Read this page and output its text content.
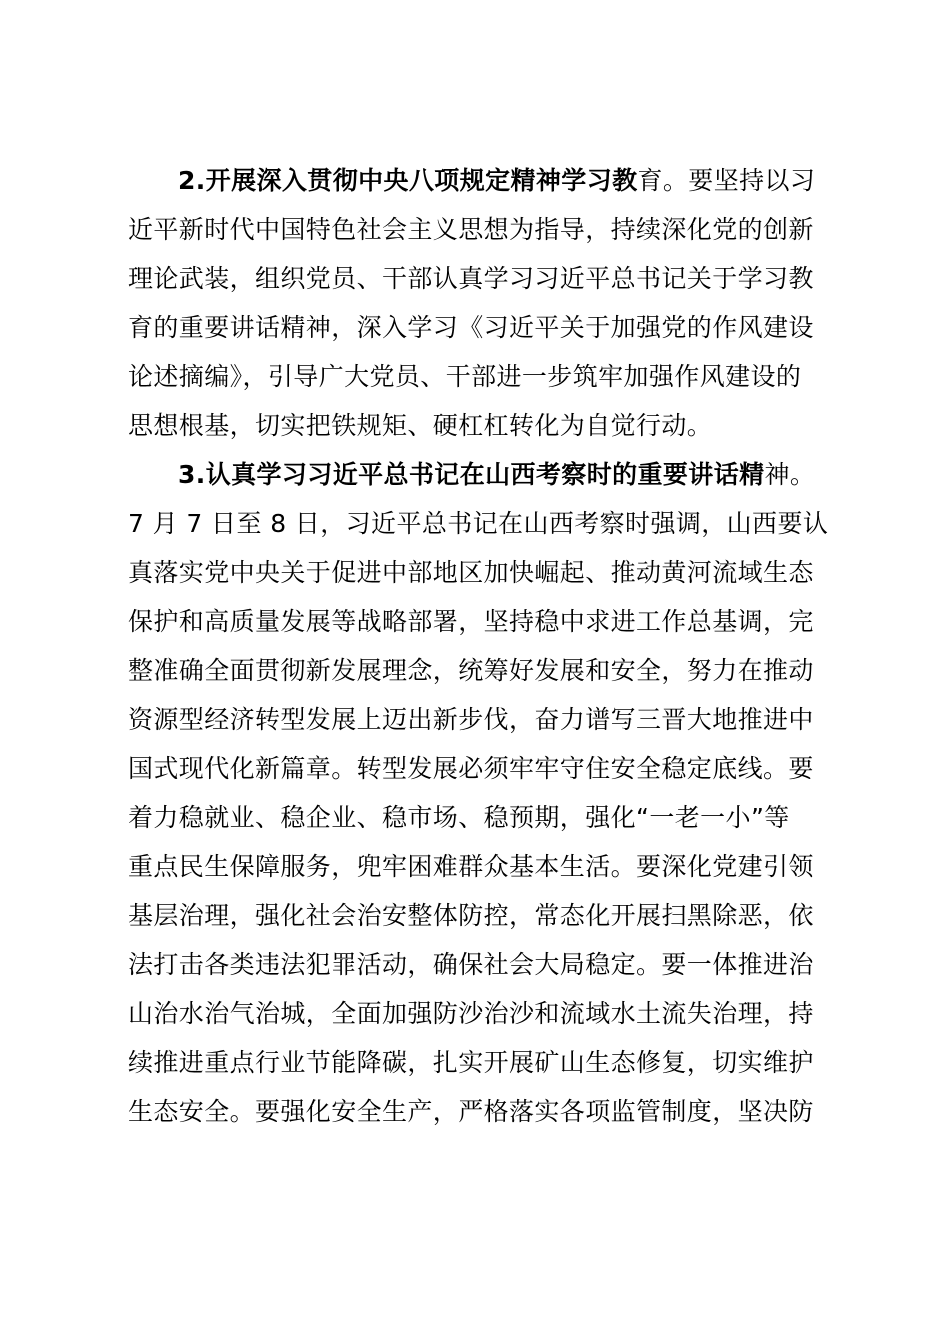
2.开展深入贯彻中央八项规定精神学习教育。要坚持以习
近平新时代中国特色社会主义思想为指导，持续深化党的创新
理论武装，组织党员、干部认真学习习近平总书记关于学习教
育的重要讲话精神，深入学习《习近平关于加强党的作风建设
论述摘编》，引导广大党员、干部进一步筑牢加强作风建设的
思想根基，切实把铁规矩、硬杠杠转化为自觉行动。
3.认真学习习近平总书记在山西考察时的重要讲话精神。
7 月 7 日至 8 日，习近平总书记在山西考察时强调，山西要认
真落实党中央关于促进中部地区加快崛起、推动黄河流域生态
保护和高质量发展等战略部署，坚持稳中求进工作总基调，完
整准确全面贯彻新发展理念，统筹好发展和安全，努力在推动
资源型经济转型发展上迈出新步伐，奋力谱写三晋大地推进中
国式现代化新篇章。转型发展必须牢牢守住安全稳定底线。要
着力稳就业、稳企业、稳市场、稳预期，强化“一老一小”等
重点民生保障服务，兜牢困难群众基本生活。要深化党建引领
基层治理，强化社会治安整体防控，常态化开展扫黑除恶，依
法打击各类违法犯罪活动，确保社会大局稳定。要一体推进治
山治水治气治城，全面加强防沙治沙和流域水土流失治理，持
续推进重点行业节能降碳，扎实开展矿山生态修复，切实维护
生态安全。要强化安全生产，严格落实各项监管制度，坚决防
